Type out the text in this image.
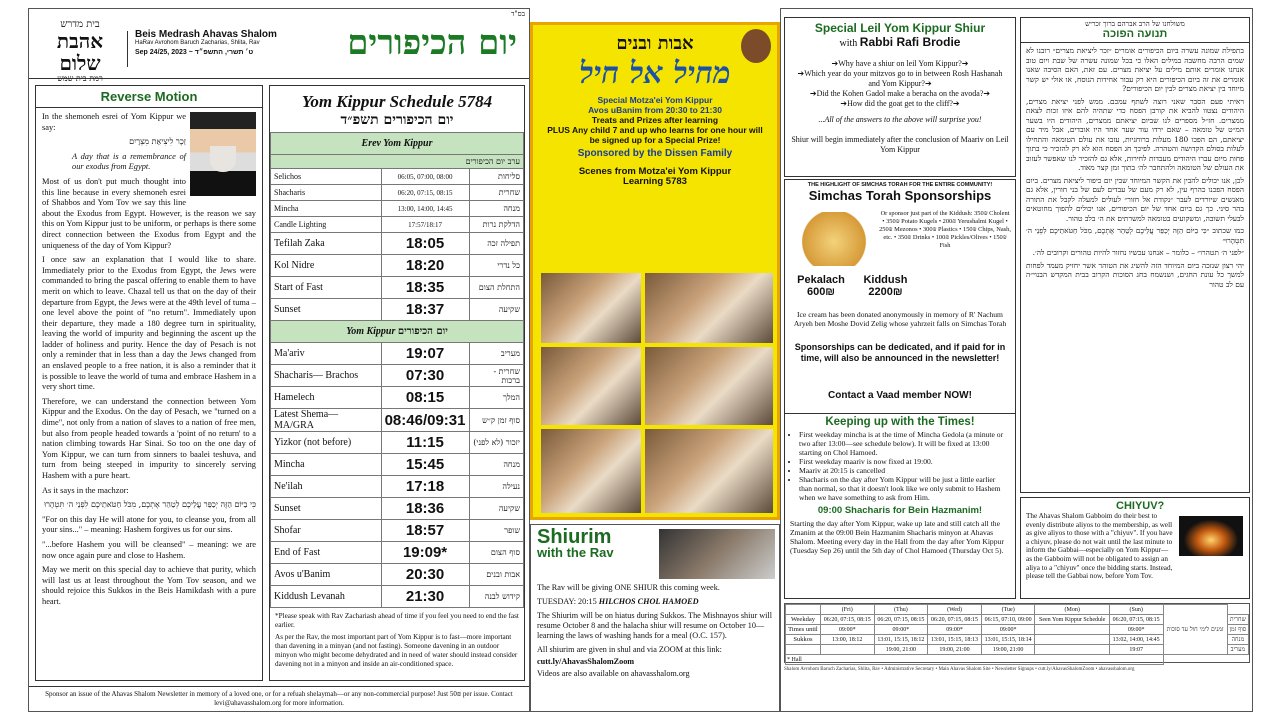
בס"ד
בית מדרש
אהבת שלום
רמת בית שמש
Beis Medrash Ahavas Shalom
HaRav Avrohom Baruch Zacharias, Shlita, Rav
Sep 24/25, 2023 ~ ט׳ תשרי, התשפ״ד	יום הכיפורים
Reverse Motion

In the shemoneh esrei of Yom Kippur we say:

זֵכֶר לִיצִיאַת מִצְרָיִם

A day that is a remembrance of our exodus from Egypt.

Most of us don't put much thought into this line because in every shemoneh esrei of Shabbos and Yom Tov we say this line about the Exodus from Egypt. However, is the reason we say this on Yom Kippur just to be uniform, or perhaps is there some direct connection between the Exodus from Egypt and the uniqueness of the day of Yom Kippur?

I once saw an explanation that I would like to share. Immediately prior to the Exodus from Egypt, the Jews were commanded to bring the pascal offering to enable them to have merit on which to leave. Chazal tell us that on the day of their departure from Egypt, the Jews were at the 49th level of tuma – one level above the point of "no return". Immediately upon their departure, they made a 180 degree turn in spirituality, leaving the world of impurity and beginning the ascent up the ladder of holiness and purity. Hence the day of Pesach is not only a reminder that in less than a day the Jews changed from an enslaved people to a free nation, it is also a reminder that it is possible to leave the world of tuma and embrace Hashem in a very short time.

Therefore, we can understand the connection between Yom Kippur and the Exodus. On the day of Pesach, we "turned on a dime", not only from a nation of slaves to a nation of free men, but also from people headed towards a 'point of no return' to a nation climbing towards Har Sinai. So too on the one day of Yom Kippur, we can turn from sinners to baalei teshuva, and turn from being steeped in impurity to sincerely serving Hashem with a pure heart.

As it says in the machzor:

כִּי בַיּוֹם הַזֶּה יְכַפֵּר עֲלֵיכֶם לְטַהֵר אֶתְכֶם, מִכֹּל חַטֹּאתֵיכֶם לִפְנֵי ה׳ תִּטְהָרוּ

"For on this day He will atone for you, to cleanse you, from all your sins..." – meaning: Hashem forgives us for our sins.

"...before Hashem you will be cleansed" – meaning: we are now once again pure and close to Hashem.

May we merit on this special day to achieve that purity, which will last us at least throughout the Yom Tov season, and we should rejoice this Sukkos in the Beis Hamikdash with a pure heart.

Yom Kippur Schedule 5784
יום הכיפורים תשפ״ד
Erev Yom Kippur		
ערב יום הכיפורים		
Selichos	06:05, 07:00, 08:00	סליחות
Shacharis	06:20, 07:15, 08:15	שחרית
Mincha	13:00, 14:00, 14:45	מנחה
Candle Lighting	17:57/18:17	הדלקת נרות
Tefilah Zaka	18:05	תפילה זכה
Kol Nidre	18:20	כל נדרי
Start of Fast	18:35	התחלת הצום
Sunset	18:37	שקיעה
Yom Kippur יום הכיפורים		
Ma'ariv	19:07	מעריב
Shacharis— Brachos	07:30	שחרית - ברכות
Hamelech	08:15	המלך
Latest Shema—MA/GRA	08:46/09:31	סוף זמן ק״ש
Yizkor (not before)	11:15	יזכור (לא לפני)
Mincha	15:45	מנחה
Ne'ilah	17:18	נעילה
Sunset	18:36	שקיעה
Shofar	18:57	שופר
End of Fast	19:09*	סוף הצום
Avos u'Banim	20:30	אבות ובנים
Kiddush Levanah	21:30	קידוש לבנה

*Please speak with Rav Zachariash ahead of time if you feel you need to end the fast earlier.

As per the Rav, the most important part of Yom Kippur is to fast—more important than davening in a minyan (and not fasting). Someone davening in an outdoor minyon who might become dehydrated and in need of water should instead consider davening not in a minyon and inside an air-conditioned space.

Sponsor an issue of the Ahavas Shalom Newsletter in memory of a loved one, or for a refuah shelaymah—or any non-commercial purpose! Just 50₪ per issue. Contact levi@ahavasshalom.org for more information.
אבות ובנים
מחיל אל חיל
Special Motza'ei Yom Kippur
Avos uBanim from 20:30 to 21:30
Treats and Prizes after learning
PLUS Any child 7 and up who learns for one hour will be signed up for a Special Prize!
Sponsored by the Dissen Family
Scenes from Motza'ei Yom Kippur Learning 5783
Shiurim
with the Rav

The Rav will be giving ONE SHIUR this coming week.

TUESDAY: 20:15 HILCHOS CHOL HAMOED

The Shiurim will be on hiatus during Sukkos. The Mishnayos shiur will resume October 8 and the halacha shiur will resume on October 10—learning the laws of washing hands for a meal (O.C. 157).

All shiurim are given in shul and via ZOOM at this link:

cutt.ly/AhavasShalomZoom

Videos are also available on ahavasshalom.org

Special Leil Yom Kippur Shiur
with Rabbi Rafi Brodie
➔Why have a shiur on leil Yom Kippur?➔
➔Which year do your mitzvos go to in between Rosh Hashanah and Yom Kippur?➔
➔Did the Kohen Gadol make a beracha on the avoda?➔
➔How did the goat get to the cliff?➔
...All of the answers to the above will surprise you!
Shiur will begin immediately after the conclusion of Maariv on Leil Yom Kippur
THE HIGHLIGHT OF SIMCHAS TORAH FOR THE ENTIRE COMMUNITY!
Simchas Torah Sponsorships
Or sponsor just part of the Kiddush: 350₪ Cholent • 350₪ Potato Kugels • 200₪ Yerushalmi Kugel • 250₪ Mezonos • 300₪ Plastics • 150₪ Chips, Nash, etc. • 350₪ Drinks • 100₪ Pickles/Olives • 150₪ Fish
Pekalach
600₪

Kiddush
2200₪
Ice cream has been donated anonymously in memory of R' Nachum Aryeh ben Moshe Dovid Zelig whose yahrzeit falls on Simchas Torah
Sponsorships can be dedicated, and if paid for in time, will also be announced in the newsletter!
Contact a Vaad member NOW!
Keeping up with the Times!
• First weekday mincha is at the time of Mincha Gedola (a minute or two after 13:00—see schedule below). It will be fixed at 13:00 starting on Chol Hamoed.
• First weekday maariv is now fixed at 19:00.
• Maariv at 20:15 is cancelled
• Shacharis on the day after Yom Kippur will be just a little earlier than normal, so that it doesn't look like we only submit to Hashem when we have something to ask from Him.
09:00 Shacharis for Bein Hazmanim!
Starting the day after Yom Kippur, wake up late and still catch all the Zmanim at the 09:00 Bein Hazmanim Shacharis minyon at Ahavas Shalom. Meeting every day in the Hall from the day after Yom Kippur (Tuesday Sep 26) until the 5th day of Chol Hamoed (Thursday Oct 5).
משולחנו של הרב אברהם ברוך זכריש
תנועה הפוכה

בתפילת שמונה עשרה ביום הכיפורים אומרים ״זכר ליציאת מצרים״ רובנו לא שמים הרבה מחשבה במילים האלו כי בכל שמונה עשרה של שבת ויום טוב אנחנו אומרים אותם מילים על יציאת מצרים. עם זאת, האם הסיבה שאנו אומרים את זה ביום הכיפורים היא רק עבור אחידות הנוסח, או אולי יש קשר מיוחד בין יציאת מצרים לבין יום הכיפורים?

ראיתי פעם הסבר שאני רוצה לשתף עמכם. ממש לפני יציאת מצרים, היהודים נצטוו להביא את קורבן הפסח כדי שתהיה להם איזו זכות לצאת ממצרים. חז״ל מספרים לנו שביום יציאתם ממצרים, היהודים היו בשער המ״ט של טומאה – שאם ירדו עוד שער אחד היו אובדים, אבל מיד עם יציאתם, הם הפכו 180 מעלות ברוחניות, עזבו את עולם הטומאה והתחילו לעלות בסולם הקדושה והטהרה. לפיכך חג הפסח הוא לא רק להזכיר כי בתוך פחות מיום עברו היהודים מעבדות לחירות, אלא גם להזכיר לנו שאפשר לעזוב את העולם של הטומאה ולהתחבר לה׳ בתוך זמן קצר מאוד.

לכן, אנו יכולים להבין את הקשר המיוחד שבין יום כיפור ליציאת מצרים. ביום הפסח הפכנו כהרף עין, לא רק מעם של עבדים לעם של בני חורין, אלא גם מאנשים שיורדים לעבר ״נקודת אל חזור״ לעולים למעלה לקבל את התורה בהר סיני. כך גם ביום אחד של יום הכיפורים, אנו יכולים להפוך מחוטאים לבעלי תשובה, ומשקועים בטומאה למשרתים את ה׳ בלב טהור.

כמו שכתוב ״כִּי בַיּוֹם הַזֶּה יְכַפֵּר עֲלֵיכֶם לְטַהֵר אֶתְכֶם, מִכֹּל חַטֹּאתֵיכֶם לִפְנֵי ה׳ תִּטְהָרוּ״

״לפני ה׳ תטהרו״ – כלומר – אנחנו עכשיו נחזור להיות טהורים וקרובים לה׳.

יהי רצון שנזכה ביום המיוחד הזה להשיג את הטוהר אשר יחזיק מעמד לפחות למשך כל עונת החגים, ושנשמח בחג הסוכות הקרוב בבית המקדש הבנוי״ה עם לב טהור

CHIYUV?
The Ahavas Shalom Gabboim do their best to evenly distribute aliyos to the membership, as well as give aliyos to those with a "chiyuv". If you have a chiyuv, please do not wait until the last minute to inform the Gabbai—especially on Yom Kippur—as the Gabboim will not be obligated to assign an aliya to a "chiyuv" once the bidding starts. Instead, please tell the Gabbai now, before Yom Tov.
	(Fri)	(Thu)	(Wed)	(Tue)	(Mon)	(Sun)	זמנים לימי חול עד סוכות	
Weekday	06:20, 07:15, 08:15	06:20, 07:15, 08:15	06:20, 07:15, 08:15	06:15, 07:10, 09:00	Seen Yom Kippur Schedule	06:20, 07:15, 08:15		שחרית
Times until	09:00*	09:00*	09:00*	09:00*		09:00*		סוף זמן
Sukkos	13:00, 18:12	13:01, 15:15, 18:12	13:01, 15:15, 18:13	13:01, 15:15, 18:14		13:02, 14:00, 14:45		מנחה
		19:00, 21:00	19:00, 21:00	19:00, 21:00		19:07		מעריב
* Hall								
Shalom Avrohom Baruch Zacharias, Shlita, Rav • Administrative Secretary • Main Ahavas Shalom Site • Newsletter Signups • cutt.ly/AhavasShalomZoom • ahavasshalom.org
